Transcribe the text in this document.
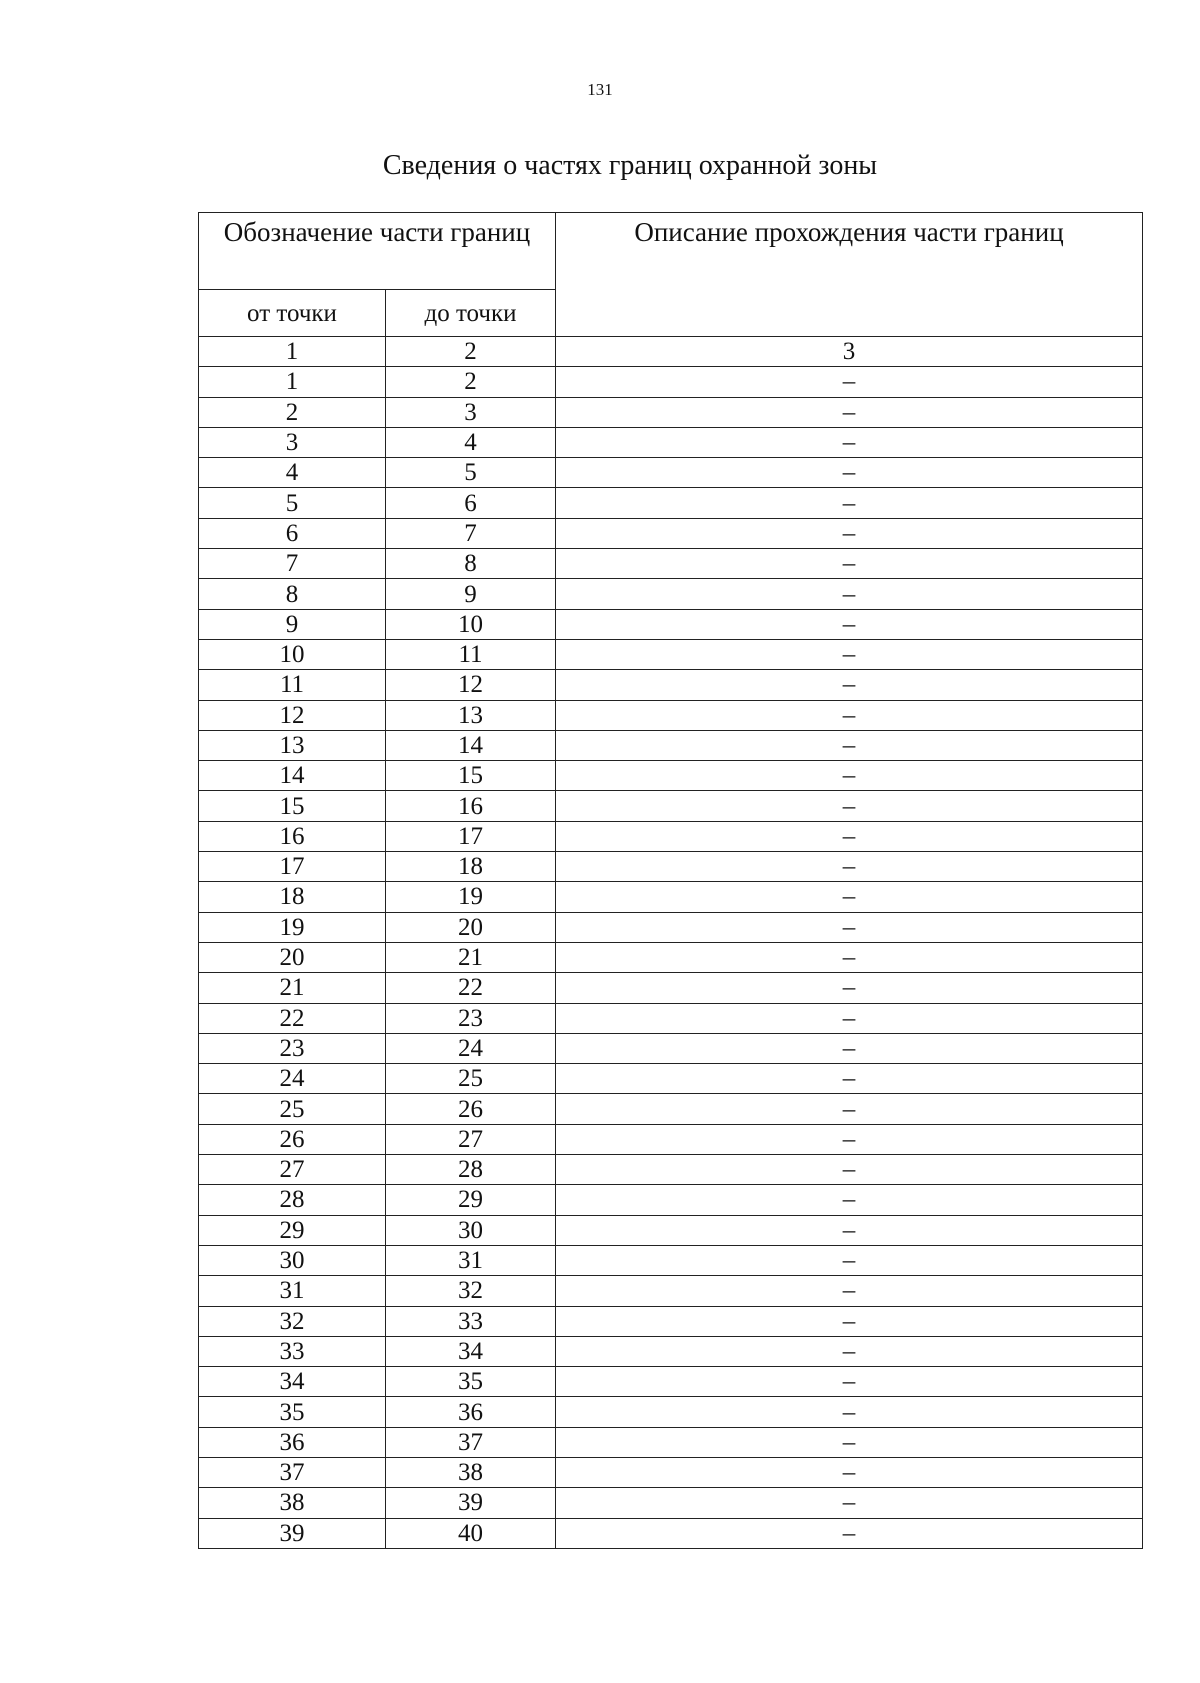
131
Сведения о частях границ охранной зоны
Обозначение части границ		Описание прохождения части границ
от точки	до точки	
1	2	3
1	2	–
2	3	–
3	4	–
4	5	–
5	6	–
6	7	–
7	8	–
8	9	–
9	10	–
10	11	–
11	12	–
12	13	–
13	14	–
14	15	–
15	16	–
16	17	–
17	18	–
18	19	–
19	20	–
20	21	–
21	22	–
22	23	–
23	24	–
24	25	–
25	26	–
26	27	–
27	28	–
28	29	–
29	30	–
30	31	–
31	32	–
32	33	–
33	34	–
34	35	–
35	36	–
36	37	–
37	38	–
38	39	–
39	40	–
